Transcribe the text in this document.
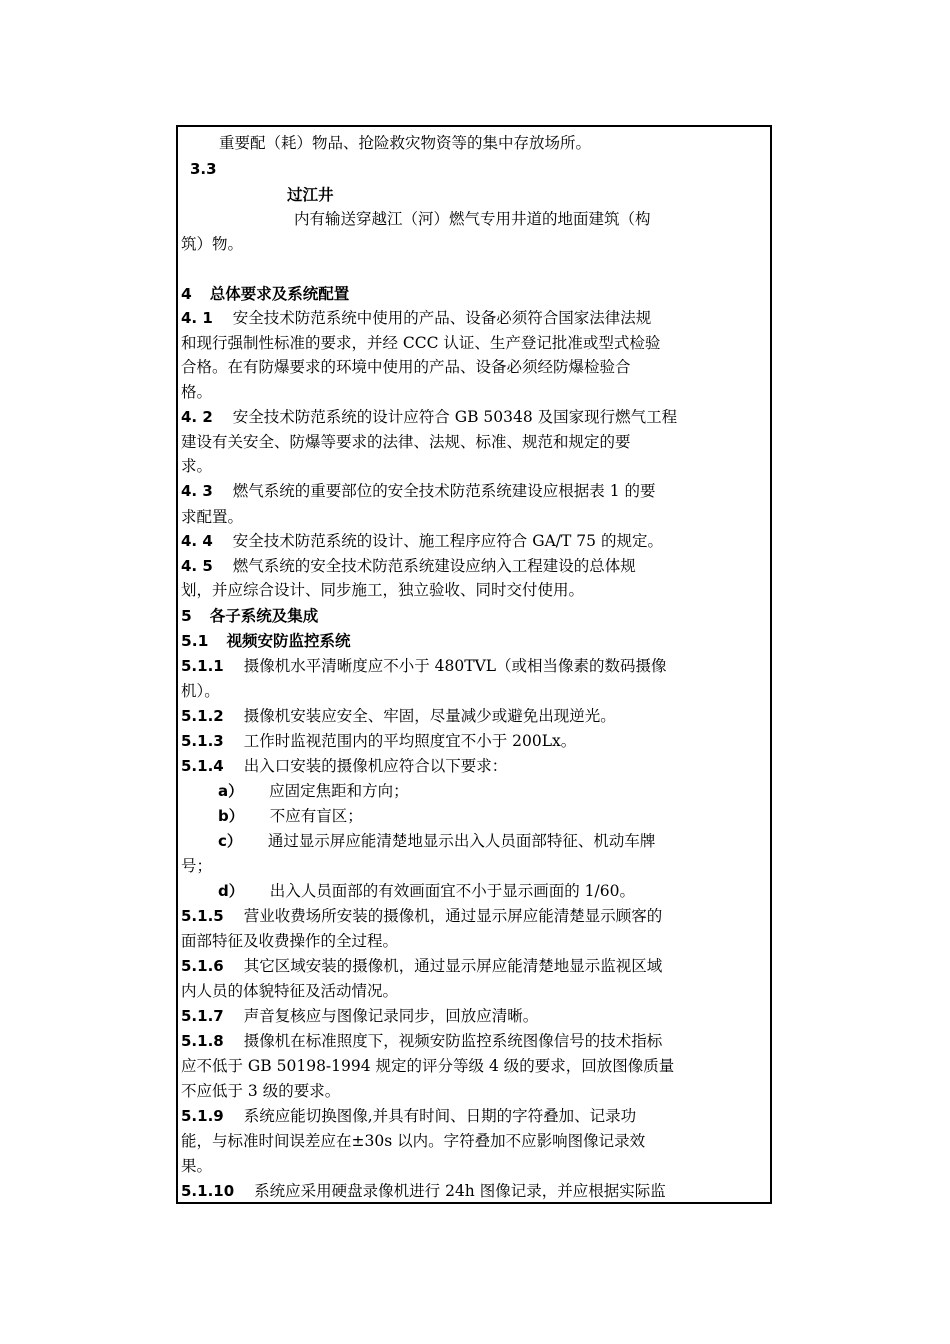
重要配（耗）物品、抢险救灾物资等的集中存放场所。
3.3
过江井
内有输送穿越江（河）燃气专用井道的地面建筑（构
筑）物。
4 总体要求及系统配置
4. 1 安全技术防范系统中使用的产品、设备必须符合国家法律法规
和现行强制性标准的要求，并经 CCC 认证、生产登记批准或型式检验
合格。在有防爆要求的环境中使用的产品、设备必须经防爆检验合
格。
4. 2 安全技术防范系统的设计应符合 GB 50348 及国家现行燃气工程
建设有关安全、防爆等要求的法律、法规、标准、规范和规定的要
求。
4. 3 燃气系统的重要部位的安全技术防范系统建设应根据表 1 的要
求配置。
4. 4 安全技术防范系统的设计、施工程序应符合 GA/T 75 的规定。
4. 5 燃气系统的安全技术防范系统建设应纳入工程建设的总体规
划，并应综合设计、同步施工，独立验收、同时交付使用。
5 各子系统及集成
5.1 视频安防监控系统
5.1.1 摄像机水平清晰度应不小于 480TVL（或相当像素的数码摄像
机）。
5.1.2 摄像机安装应安全、牢固，尽量减少或避免出现逆光。
5.1.3 工作时监视范围内的平均照度宜不小于 200Lx。
5.1.4 出入口安装的摄像机应符合以下要求：
a） 应固定焦距和方向；
b） 不应有盲区；
c） 通过显示屏应能清楚地显示出入人员面部特征、机动车牌
号；
d） 出入人员面部的有效画面宜不小于显示画面的 1/60。
5.1.5 营业收费场所安装的摄像机，通过显示屏应能清楚显示顾客的
面部特征及收费操作的全过程。
5.1.6 其它区域安装的摄像机，通过显示屏应能清楚地显示监视区域
内人员的体貌特征及活动情况。
5.1.7 声音复核应与图像记录同步，回放应清晰。
5.1.8 摄像机在标准照度下，视频安防监控系统图像信号的技术指标
应不低于 GB 50198-1994 规定的评分等级 4 级的要求，回放图像质量
不应低于 3 级的要求。
5.1.9 系统应能切换图像,并具有时间、日期的字符叠加、记录功
能，与标准时间误差应在±30s 以内。字符叠加不应影响图像记录效
果。
5.1.10 系统应采用硬盘录像机进行 24h 图像记录，并应根据实际监
